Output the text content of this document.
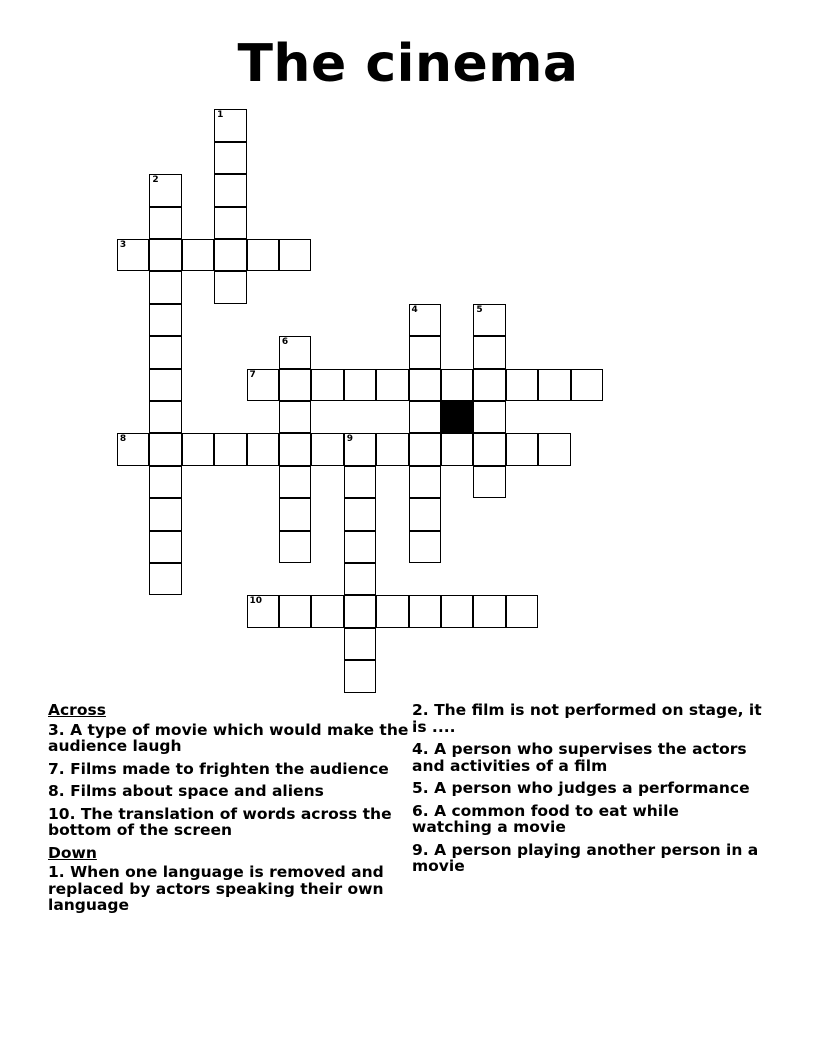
The cinema
1
2
3
4	5
6
7
8	9
10
Across
3. A type of movie which would make the audience laugh
7. Films made to frighten the audience
8. Films about space and aliens
10. The translation of words across the bottom of the screen
Down
1. When one language is removed and replaced by actors speaking their own language
2. The film is not performed on stage, it is ....
4. A person who supervises the actors and activities of a film
5. A person who judges a performance
6. A common food to eat while watching a movie
9. A person playing another person in a movie
